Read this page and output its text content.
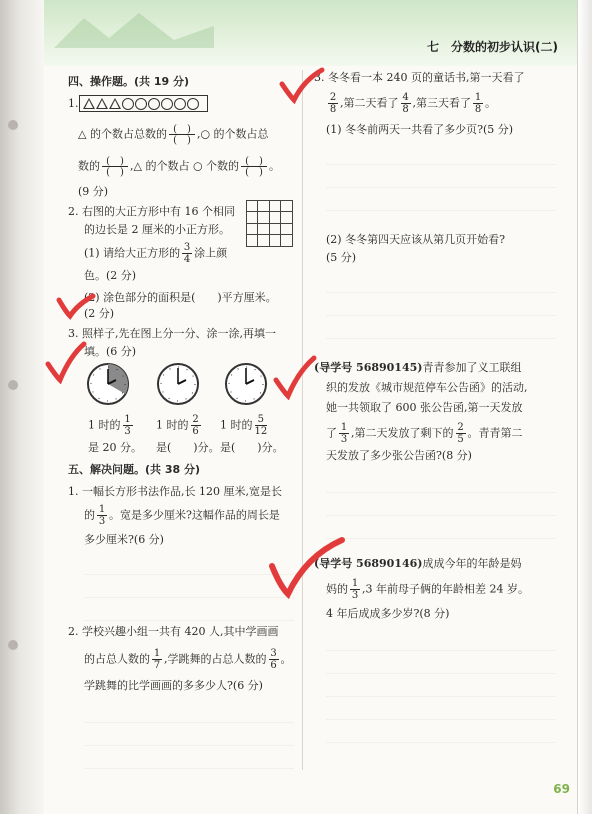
七　分数的初步认识(二)
四、操作题。(共 19 分)
1.
△ 的个数占总数的 $\frac{( )}{( )}$ ,○ 的个数占总
数的 $\frac{( )}{( )}$ ,△ 的个数占 ○ 个数的 $\frac{( )}{( )}$ 。
(9 分)
2. 右图的大正方形中有 16 个相同
的边长是 2 厘米的小正方形。
(1) 请给大正方形的 $\frac{3}{4}$ 涂上颜
色。(2 分)
(2) 涂色部分的面积是(　　)平方厘米。
(2 分)
3. 照样子,先在图上分一分、涂一涂,再填一
填。(6 分)
1 时的 $\frac{1}{3}$
是 20 分。
1 时的 $\frac{2}{6}$
是(　　)分。
1 时的 $\frac{5}{12}$
是(　　)分。
五、解决问题。(共 38 分)
1. 一幅长方形书法作品,长 120 厘米,宽是长
的 $\frac{1}{3}$ 。宽是多少厘米?这幅作品的周长是
多少厘米?(6 分)
2. 学校兴趣小组一共有 420 人,其中学画画
的占总人数的 $\frac{1}{7}$ ,学跳舞的占总人数的 $\frac{3}{6}$ 。
学跳舞的比学画画的多多少人?(6 分)
3. 冬冬看一本 240 页的童话书,第一天看了
$\frac{2}{8}$ ,第二天看了 $\frac{4}{8}$ ,第三天看了 $\frac{1}{8}$ 。
(1) 冬冬前两天一共看了多少页?(5 分)
(2) 冬冬第四天应该从第几页开始看?
(5 分)
(导学号 56890145)青青参加了义工联组
织的发放《城市规范停车公告函》的活动,
她一共领取了 600 张公告函,第一天发放
了 $\frac{1}{3}$ ,第二天发放了剩下的 $\frac{2}{5}$ 。青青第二
天发放了多少张公告函?(8 分)
(导学号 56890146)成成今年的年龄是妈
妈的 $\frac{1}{3} ,3$ 年前母子俩的年龄相差 24 岁。
4 年后成成多少岁?(8 分)
69
